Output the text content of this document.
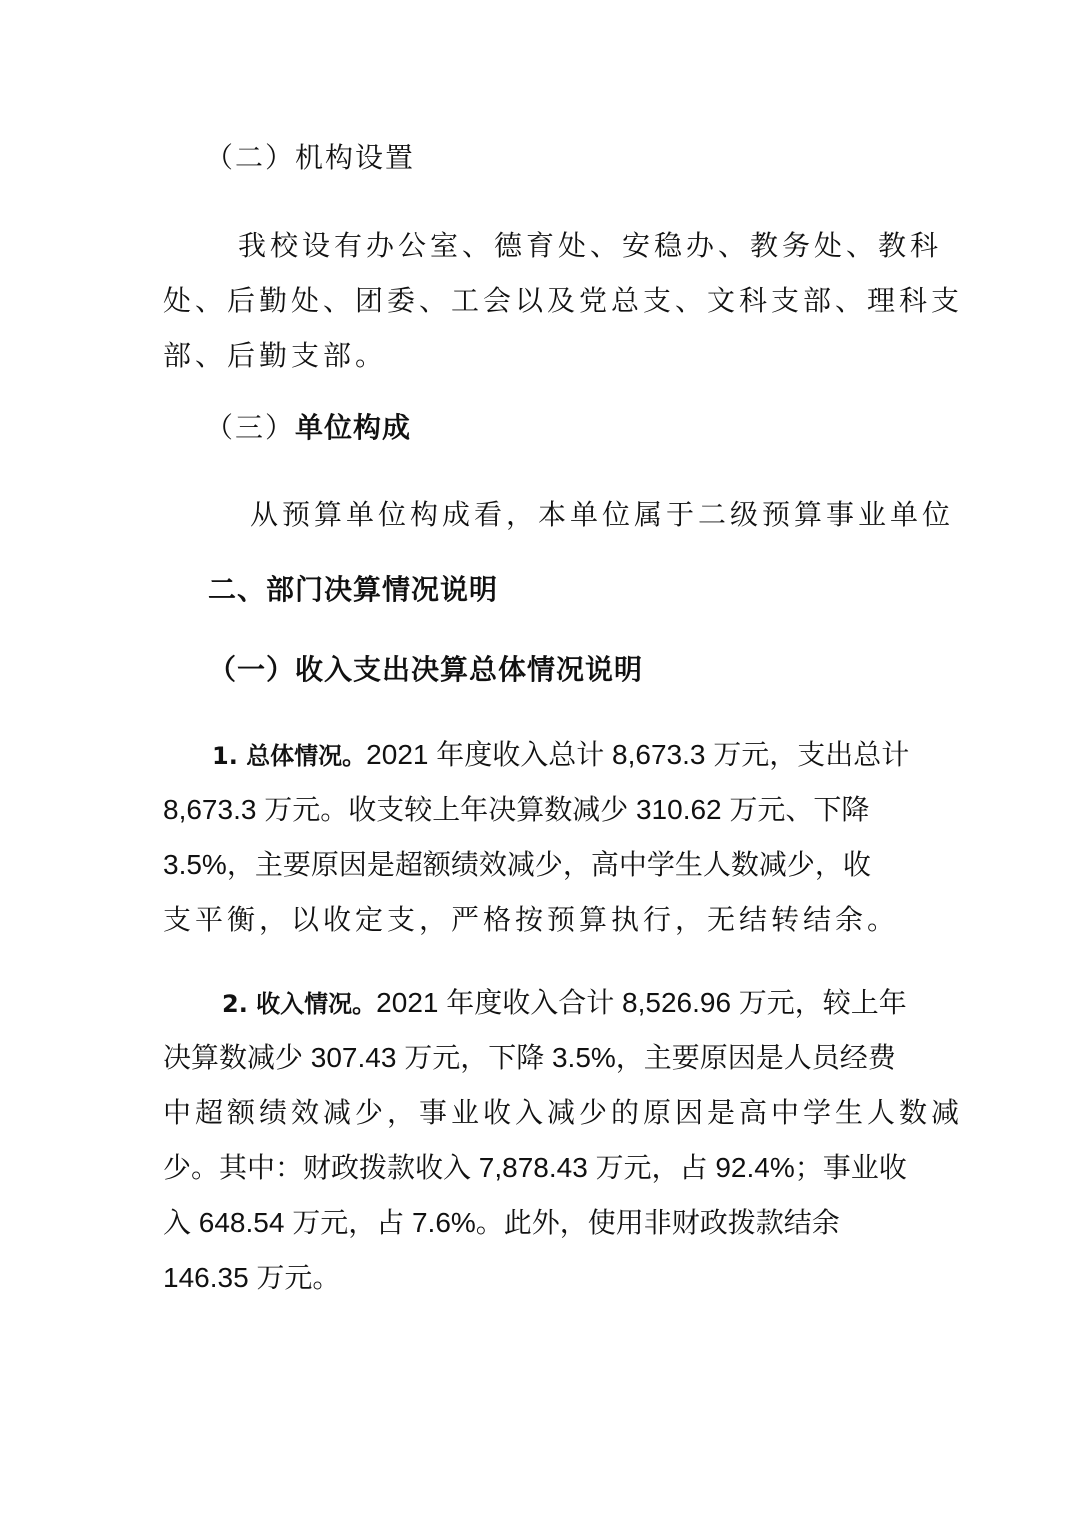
（二）机构设置
我校设有办公室、德育处、安稳办、教务处、教科
处、后勤处、团委、工会以及党总支、文科支部、理科支
部、后勤支部。
（三）单位构成
从预算单位构成看，本单位属于二级预算事业单位
二、部门决算情况说明
（一）收入支出决算总体情况说明
1. 总体情况。2021 年度收入总计 8,673.3 万元，支出总计
8,673.3 万元。收支较上年决算数减少 310.62 万元、下降
3.5%，主要原因是超额绩效减少，高中学生人数减少，收
支平衡，以收定支，严格按预算执行，无结转结余。
2. 收入情况。2021 年度收入合计 8,526.96 万元，较上年
决算数减少 307.43 万元，下降 3.5%，主要原因是人员经费
中超额绩效减少，事业收入减少的原因是高中学生人数减
少。其中：财政拨款收入 7,878.43 万元，占 92.4%；事业收
入 648.54 万元，占 7.6%。此外，使用非财政拨款结余
146.35 万元。
